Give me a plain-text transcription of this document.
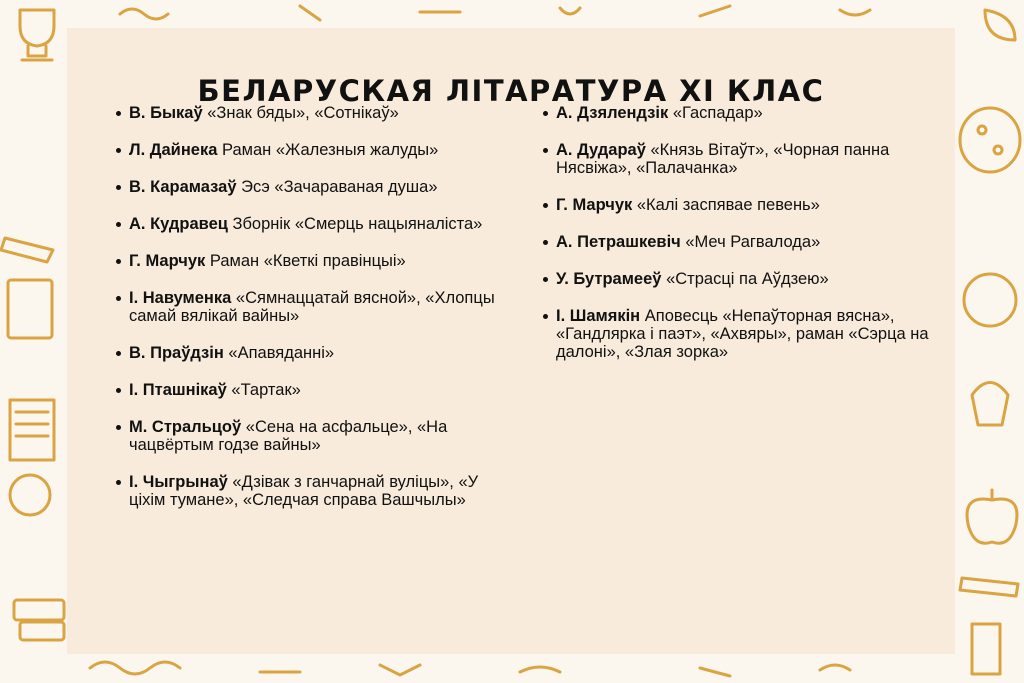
БЕЛАРУСКАЯ ЛІТАРАТУРА ХІ КЛАС
В. Быкаў «Знак бяды», «Сотнікаў»
Л. Дайнека Раман «Жалезныя жалуды»
В. Карамазаў Эсэ «Зачараваная душа»
А. Кудравец Зборнік «Смерць нацыяналіста»
Г. Марчук Раман «Кветкі правінцыі»
І. Навуменка «Сямнаццатай вясной», «Хлопцы самай вялікай вайны»
В. Праўдзін «Апавяданні»
І. Пташнікаў «Тартак»
М. Стральцоў «Сена на асфальце», «На чацвёртым годзе вайны»
І. Чыгрынаў «Дзівак з ганчарнай вуліцы», «У ціхім тумане», «Следчая справа Вашчылы»
А. Дзялендзік «Гаспадар»
А. Дудараў «Князь Вітаўт», «Чорная панна Нясвіжа», «Палачанка»
Г. Марчук «Калі заспявае певень»
А. Петрашкевіч «Меч Рагвалода»
У. Бутрамееў «Страсці па Аўдзею»
І. Шамякін Аповесць «Непаўторная вясна», «Гандлярка і паэт», «Ахвяры», раман «Сэрца на далоні», «Злая зорка»
